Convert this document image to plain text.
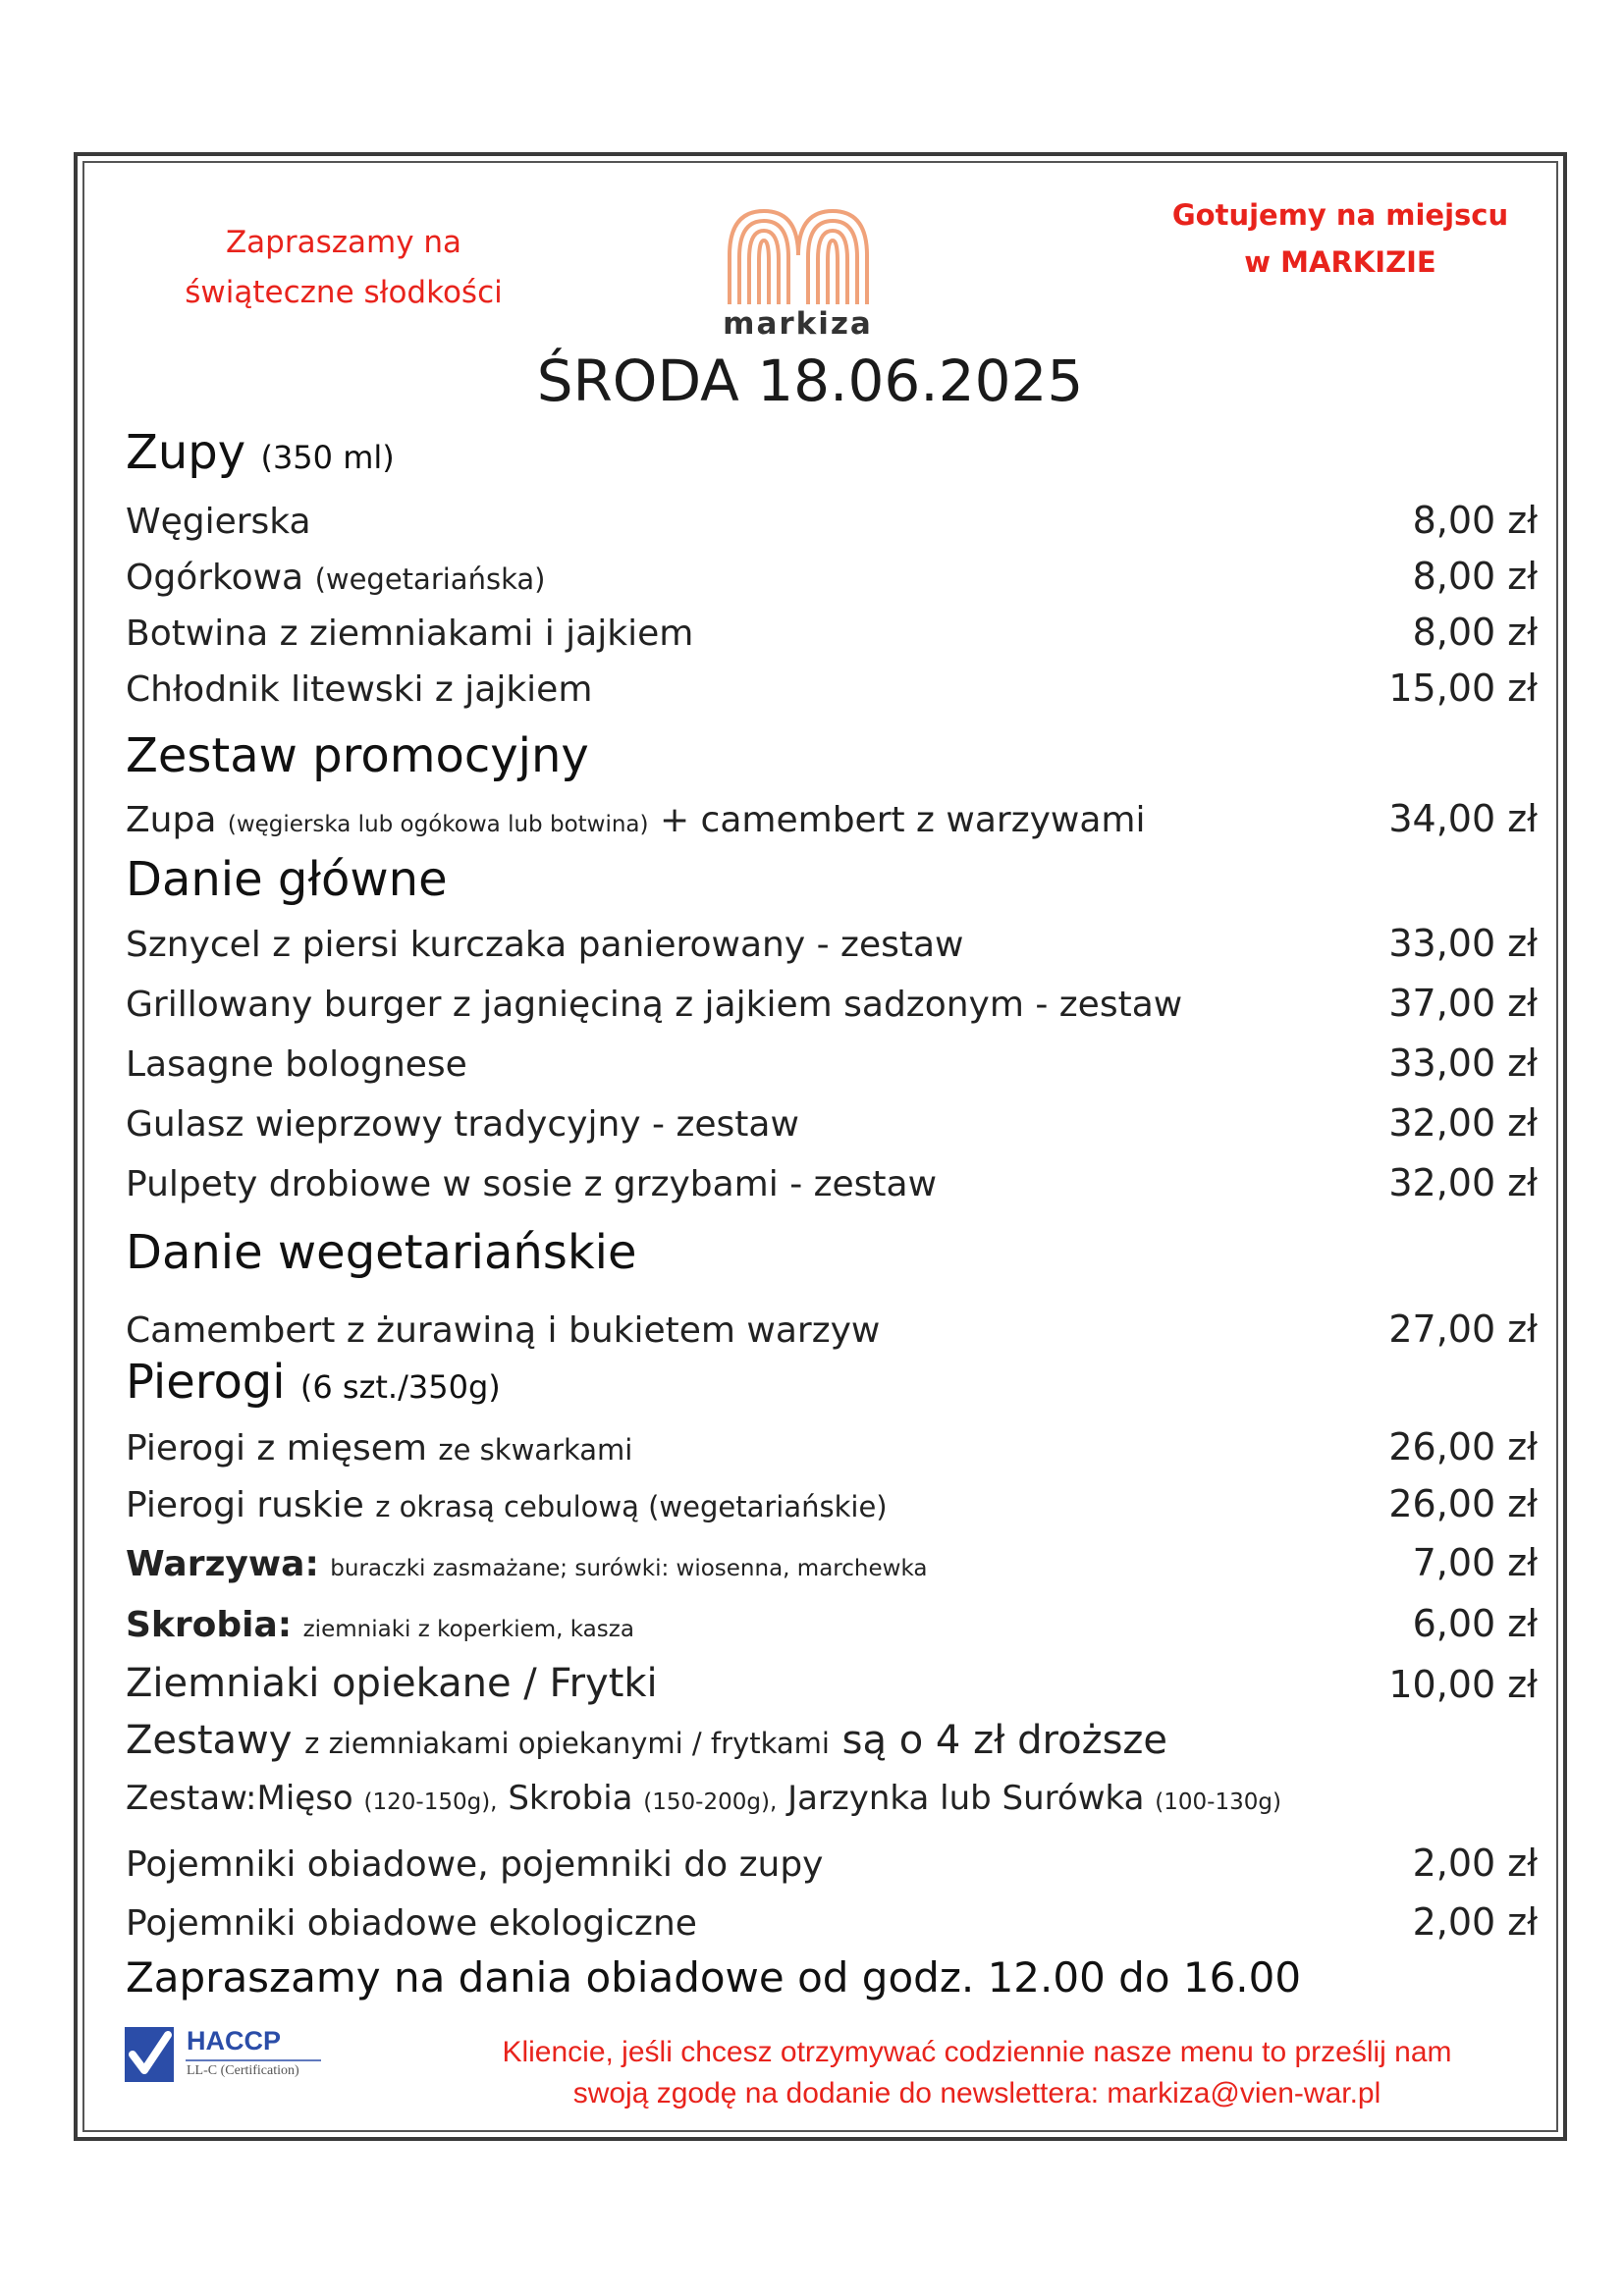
Zapraszamy na
świąteczne słodkości
markiza
Gotujemy na miejscu
w MARKIZIE
ŚRODA 18.06.2025
Zupy (350 ml)
Węgierska	8,00 zł
Ogórkowa (wegetariańska)	8,00 zł
Botwina z ziemniakami i jajkiem	8,00 zł
Chłodnik litewski z jajkiem	15,00 zł
Zestaw promocyjny
Zupa (węgierska lub ogókowa lub botwina) + camembert z warzywami	34,00 zł
Danie główne
Sznycel z piersi kurczaka panierowany - zestaw	33,00 zł
Grillowany burger z jagnięciną z jajkiem sadzonym - zestaw	37,00 zł
Lasagne bolognese	33,00 zł
Gulasz wieprzowy tradycyjny - zestaw	32,00 zł
Pulpety drobiowe w sosie z grzybami - zestaw	32,00 zł
Danie wegetariańskie
Camembert z żurawiną i bukietem warzyw	27,00 zł
Pierogi (6 szt./350g)
Pierogi z mięsem ze skwarkami	26,00 zł
Pierogi ruskie z okrasą cebulową (wegetariańskie)	26,00 zł
Warzywa: buraczki zasmażane; surówki: wiosenna, marchewka	7,00 zł
Skrobia: ziemniaki z koperkiem, kasza	6,00 zł
Ziemniaki opiekane / Frytki	10,00 zł
Zestawy z ziemniakami opiekanymi / frytkami są o 4 zł droższe
Zestaw:Mięso (120-150g), Skrobia (150-200g), Jarzynka lub Surówka (100-130g)
Pojemniki obiadowe, pojemniki do zupy	2,00 zł
Pojemniki obiadowe ekologiczne	2,00 zł
Zapraszamy na dania obiadowe od godz. 12.00 do 16.00
HACCP
LL-C (Certification)
Kliencie, jeśli chcesz otrzymywać codziennie nasze menu to prześlij nam
swoją zgodę na dodanie do newslettera: markiza@vien-war.pl
